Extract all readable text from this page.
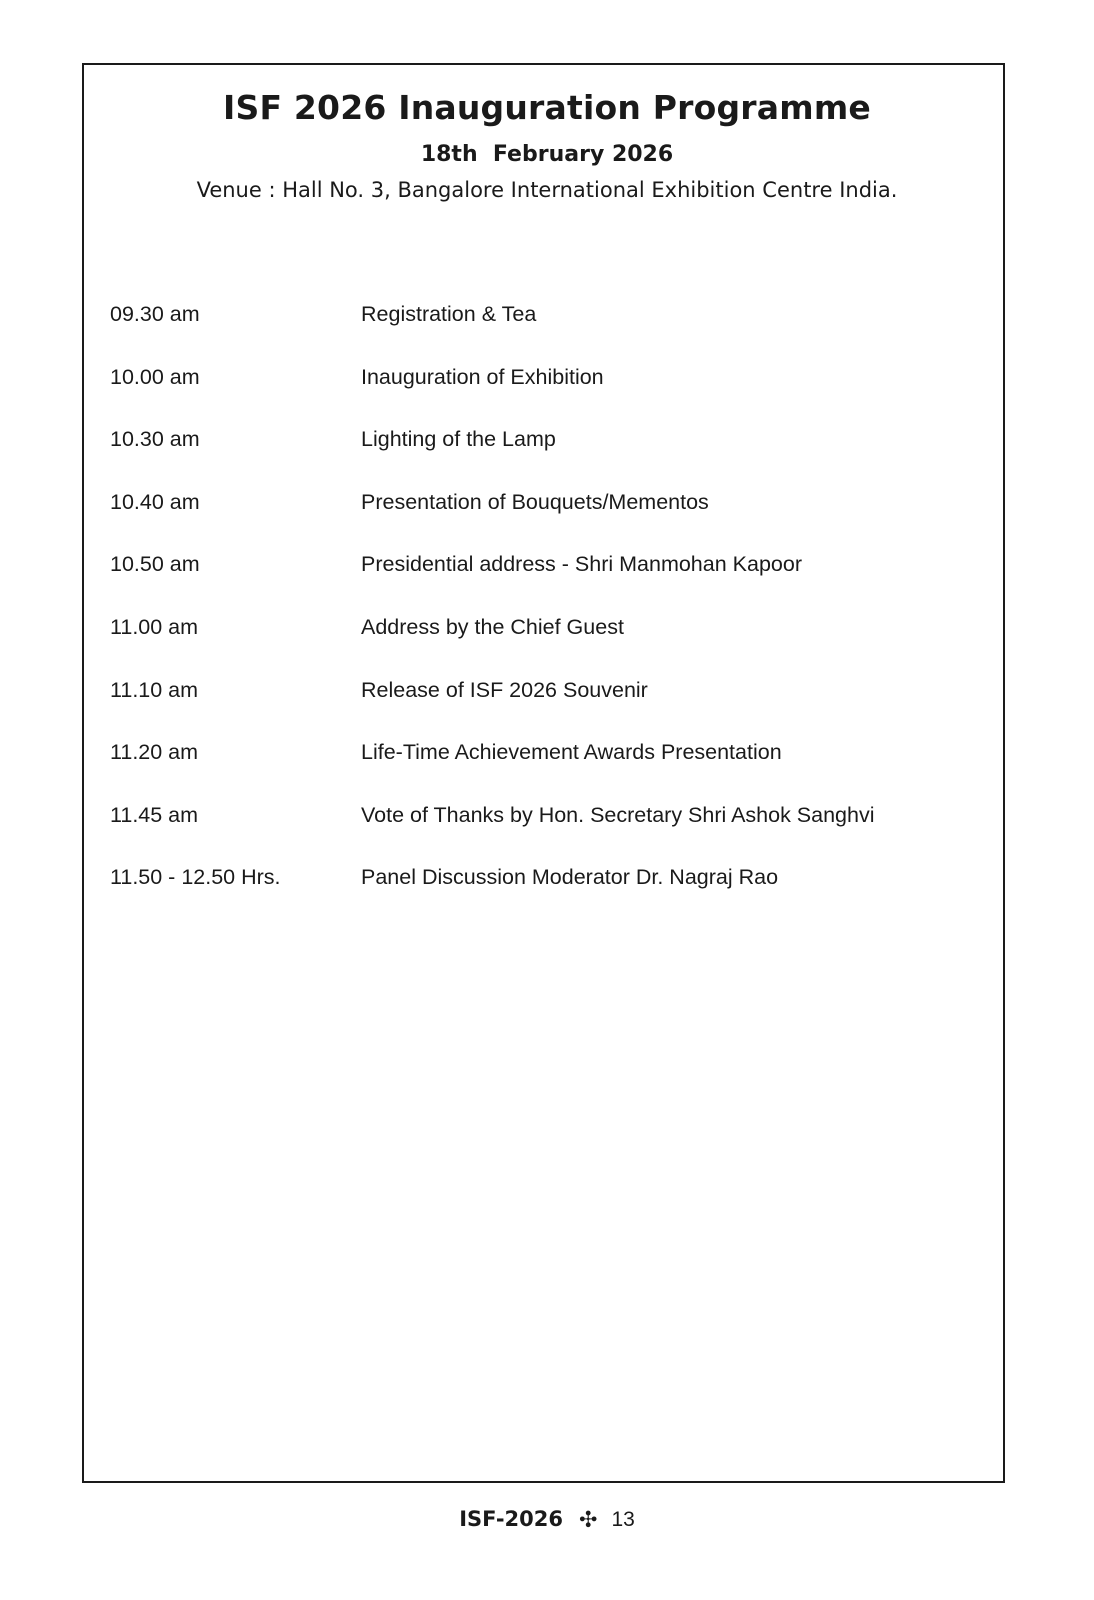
ISF 2026 Inauguration Programme
18th  February 2026
Venue : Hall No. 3, Bangalore International Exhibition Centre India.
09.30 am	Registration & Tea
10.00 am	Inauguration of Exhibition
10.30 am	Lighting of the Lamp
10.40 am	Presentation of Bouquets/Mementos
10.50 am	Presidential address - Shri Manmohan Kapoor
11.00 am	Address by the Chief Guest
11.10 am	Release of ISF 2026 Souvenir
11.20 am	Life-Time Achievement Awards Presentation
11.45 am	Vote of Thanks by Hon. Secretary Shri Ashok Sanghvi
11.50 - 12.50 Hrs.	Panel Discussion Moderator Dr. Nagraj Rao
ISF-2026 ✣ 13
